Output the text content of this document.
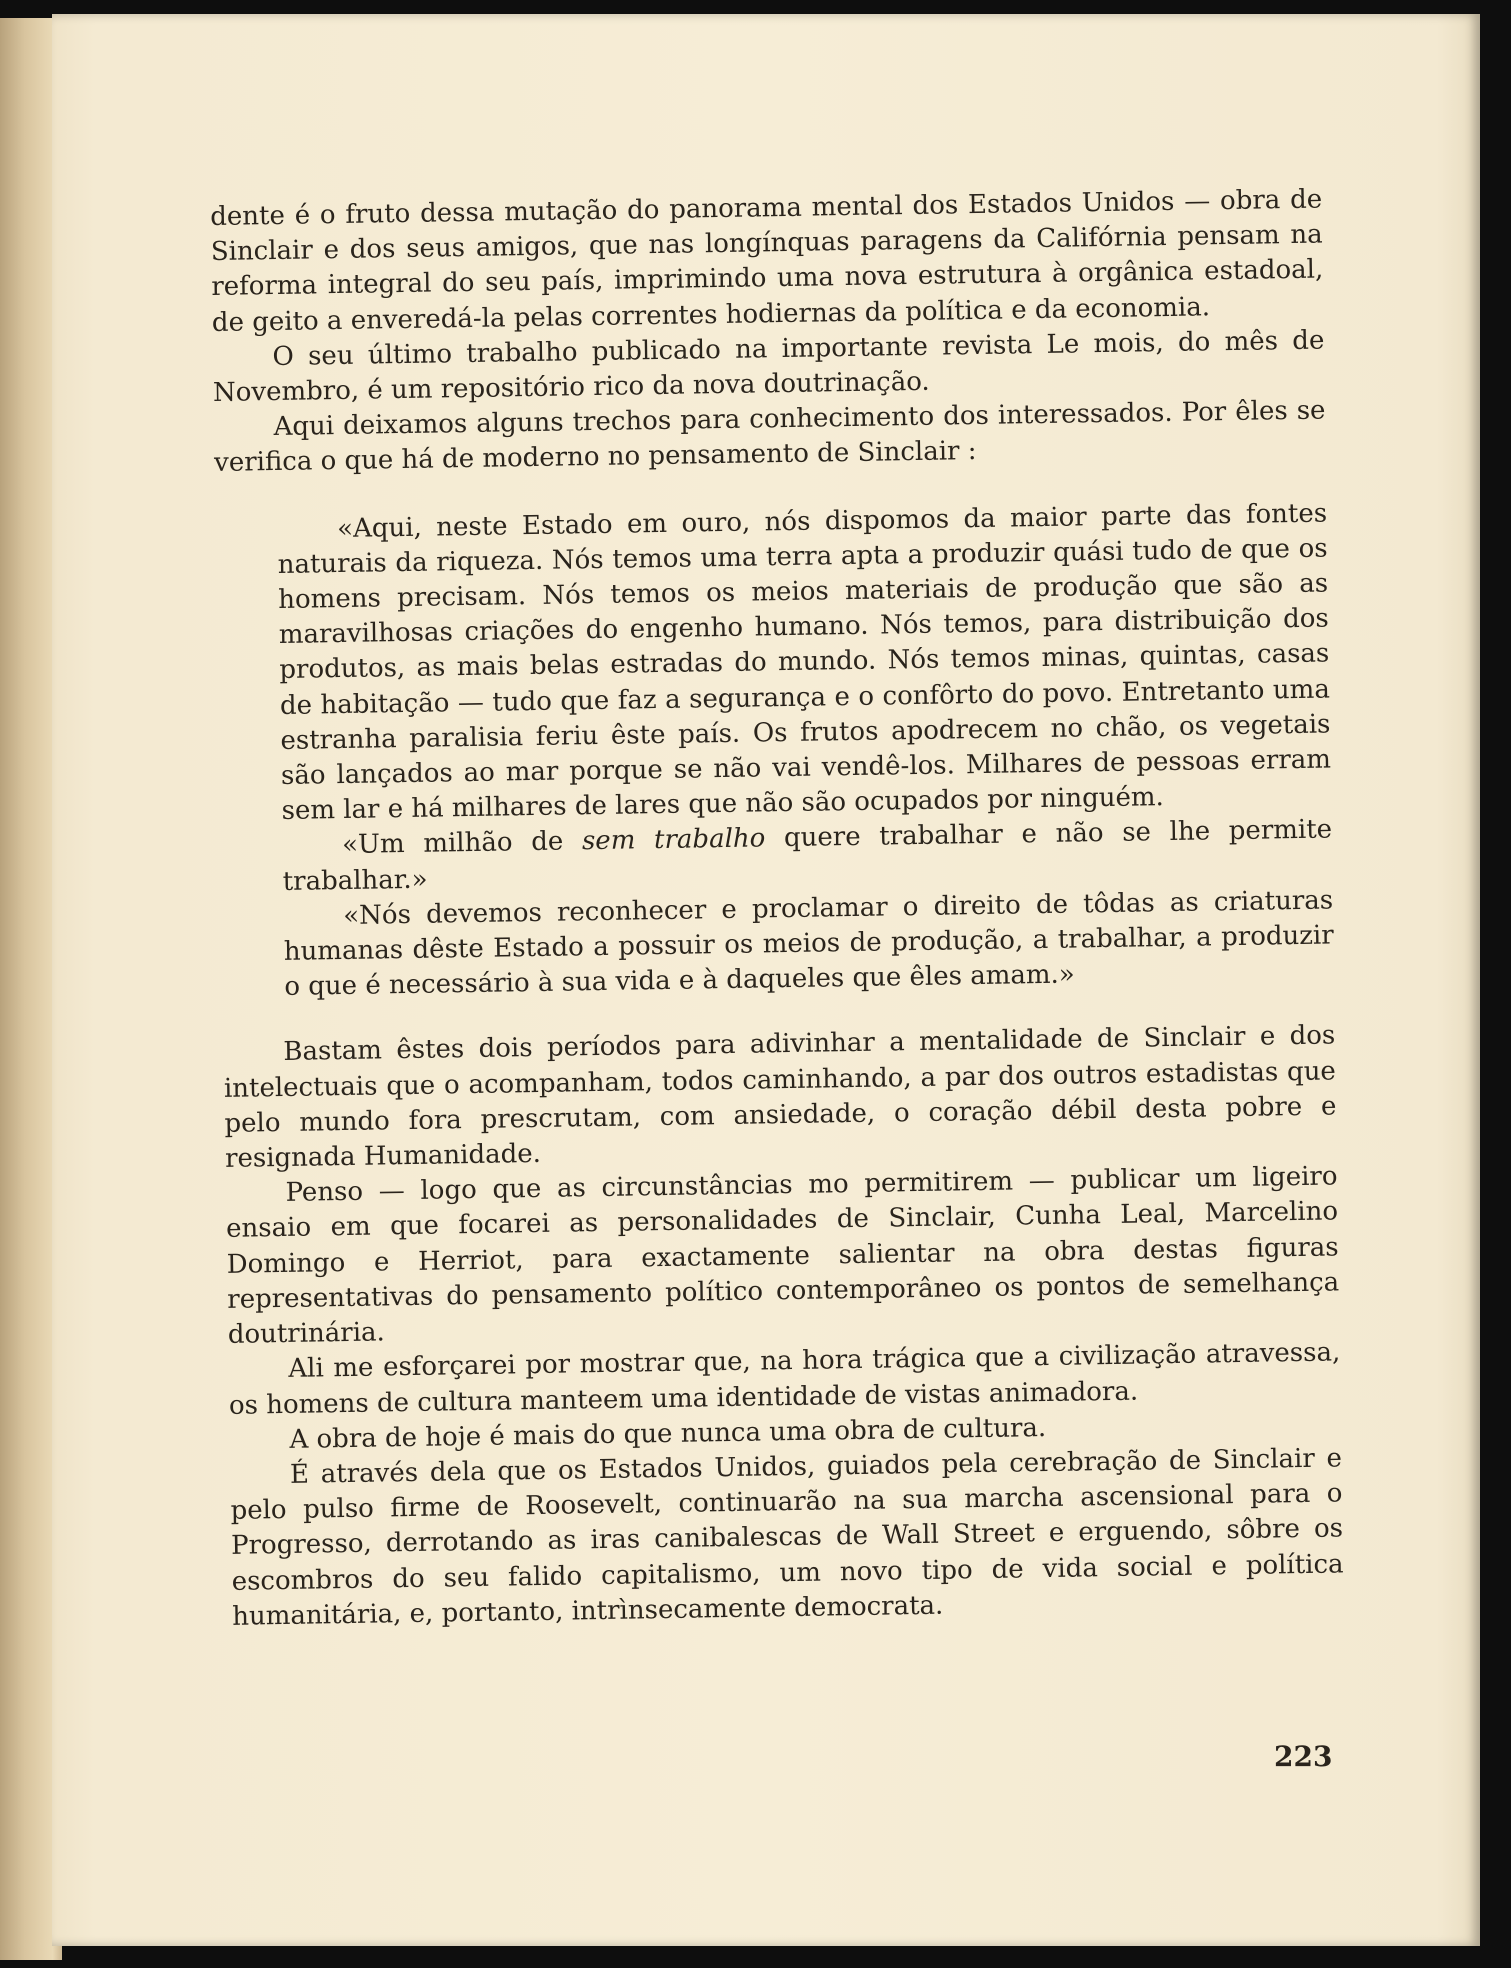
dente é o fruto dessa mutação do panorama mental dos Estados Unidos — obra de Sinclair e dos seus amigos, que nas longínquas paragens da Califórnia pensam na reforma integral do seu país, imprimindo uma nova estrutura à orgânica estadoal, de geito a enveredá-la pelas correntes hodiernas da política e da economia.

O seu último trabalho publicado na importante revista Le mois, do mês de Novembro, é um repositório rico da nova doutrinação.

Aqui deixamos alguns trechos para conhecimento dos interessados. Por êles se verifica o que há de moderno no pensamento de Sinclair :

«Aqui, neste Estado em ouro, nós dispomos da maior parte das fontes naturais da riqueza. Nós temos uma terra apta a produzir quási tudo de que os homens precisam. Nós temos os meios materiais de produção que são as maravilhosas criações do engenho humano. Nós temos, para distribuição dos produtos, as mais belas estradas do mundo. Nós temos minas, quintas, casas de habitação — tudo que faz a segurança e o confôrto do povo. Entretanto uma estranha paralisia feriu êste país. Os frutos apodrecem no chão, os vegetais são lançados ao mar porque se não vai vendê-los. Milhares de pessoas erram sem lar e há milhares de lares que não são ocupados por ninguém.

«Um milhão de sem trabalho quere trabalhar e não se lhe permite trabalhar.»

«Nós devemos reconhecer e proclamar o direito de tôdas as criaturas humanas dêste Estado a possuir os meios de produção, a trabalhar, a produzir o que é necessário à sua vida e à daqueles que êles amam.»

Bastam êstes dois períodos para adivinhar a mentalidade de Sinclair e dos intelectuais que o acompanham, todos caminhando, a par dos outros estadistas que pelo mundo fora prescrutam, com ansiedade, o coração débil desta pobre e resignada Humanidade.

Penso — logo que as circunstâncias mo permitirem — publicar um ligeiro ensaio em que focarei as personalidades de Sinclair, Cunha Leal, Marcelino Domingo e Herriot, para exactamente salientar na obra destas figuras representativas do pensamento político contemporâneo os pontos de semelhança doutrinária.

Ali me esforçarei por mostrar que, na hora trágica que a civilização atravessa, os homens de cultura manteem uma identidade de vistas animadora.

A obra de hoje é mais do que nunca uma obra de cultura.

É através dela que os Estados Unidos, guiados pela cerebração de Sinclair e pelo pulso firme de Roosevelt, continuarão na sua marcha ascensional para o Progresso, derrotando as iras canibalescas de Wall Street e erguendo, sôbre os escombros do seu falido capitalismo, um novo tipo de vida social e política humanitária, e, portanto, intrìnsecamente democrata.

223
